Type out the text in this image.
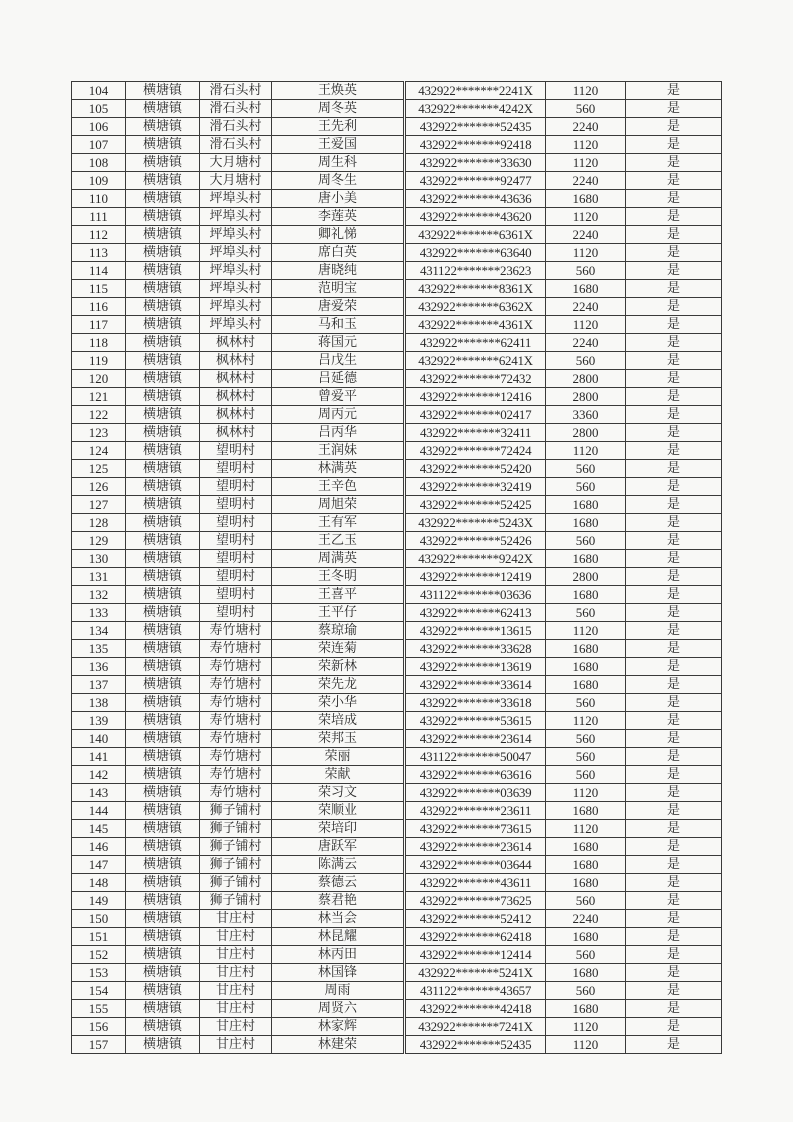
104	横塘镇	滑石头村	王焕英	432922*******2241X	1120	是
105	横塘镇	滑石头村	周冬英	432922*******4242X	560	是
106	横塘镇	滑石头村	王先利	432922*******52435	2240	是
107	横塘镇	滑石头村	王爱国	432922*******92418	1120	是
108	横塘镇	大月塘村	周生科	432922*******33630	1120	是
109	横塘镇	大月塘村	周冬生	432922*******92477	2240	是
110	横塘镇	坪埠头村	唐小美	432922*******43636	1680	是
111	横塘镇	坪埠头村	李莲英	432922*******43620	1120	是
112	横塘镇	坪埠头村	卿礼悌	432922*******6361X	2240	是
113	横塘镇	坪埠头村	席白英	432922*******63640	1120	是
114	横塘镇	坪埠头村	唐晓纯	431122*******23623	560	是
115	横塘镇	坪埠头村	范明宝	432922*******8361X	1680	是
116	横塘镇	坪埠头村	唐爱荣	432922*******6362X	2240	是
117	横塘镇	坪埠头村	马和玉	432922*******4361X	1120	是
118	横塘镇	枫林村	蒋国元	432922*******62411	2240	是
119	横塘镇	枫林村	吕戊生	432922*******6241X	560	是
120	横塘镇	枫林村	吕延德	432922*******72432	2800	是
121	横塘镇	枫林村	曾爱平	432922*******12416	2800	是
122	横塘镇	枫林村	周丙元	432922*******02417	3360	是
123	横塘镇	枫林村	吕丙华	432922*******32411	2800	是
124	横塘镇	望明村	王润妹	432922*******72424	1120	是
125	横塘镇	望明村	林满英	432922*******52420	560	是
126	横塘镇	望明村	王辛色	432922*******32419	560	是
127	横塘镇	望明村	周旭荣	432922*******52425	1680	是
128	横塘镇	望明村	王有军	432922*******5243X	1680	是
129	横塘镇	望明村	王乙玉	432922*******52426	560	是
130	横塘镇	望明村	周满英	432922*******9242X	1680	是
131	横塘镇	望明村	王冬明	432922*******12419	2800	是
132	横塘镇	望明村	王喜平	431122*******03636	1680	是
133	横塘镇	望明村	王平仔	432922*******62413	560	是
134	横塘镇	寿竹塘村	蔡琼瑜	432922*******13615	1120	是
135	横塘镇	寿竹塘村	荣连菊	432922*******33628	1680	是
136	横塘镇	寿竹塘村	荣新林	432922*******13619	1680	是
137	横塘镇	寿竹塘村	荣先龙	432922*******33614	1680	是
138	横塘镇	寿竹塘村	荣小华	432922*******33618	560	是
139	横塘镇	寿竹塘村	荣培成	432922*******53615	1120	是
140	横塘镇	寿竹塘村	荣邦玉	432922*******23614	560	是
141	横塘镇	寿竹塘村	荣丽	431122*******50047	560	是
142	横塘镇	寿竹塘村	荣献	432922*******63616	560	是
143	横塘镇	寿竹塘村	荣习文	432922*******03639	1120	是
144	横塘镇	狮子铺村	荣顺业	432922*******23611	1680	是
145	横塘镇	狮子铺村	荣培印	432922*******73615	1120	是
146	横塘镇	狮子铺村	唐跃军	432922*******23614	1680	是
147	横塘镇	狮子铺村	陈满云	432922*******03644	1680	是
148	横塘镇	狮子铺村	蔡德云	432922*******43611	1680	是
149	横塘镇	狮子铺村	蔡君艳	432922*******73625	560	是
150	横塘镇	甘庄村	林当会	432922*******52412	2240	是
151	横塘镇	甘庄村	林昆耀	432922*******62418	1680	是
152	横塘镇	甘庄村	林丙田	432922*******12414	560	是
153	横塘镇	甘庄村	林国锋	432922*******5241X	1680	是
154	横塘镇	甘庄村	周雨	431122*******43657	560	是
155	横塘镇	甘庄村	周贤六	432922*******42418	1680	是
156	横塘镇	甘庄村	林家辉	432922*******7241X	1120	是
157	横塘镇	甘庄村	林建荣	432922*******52435	1120	是
